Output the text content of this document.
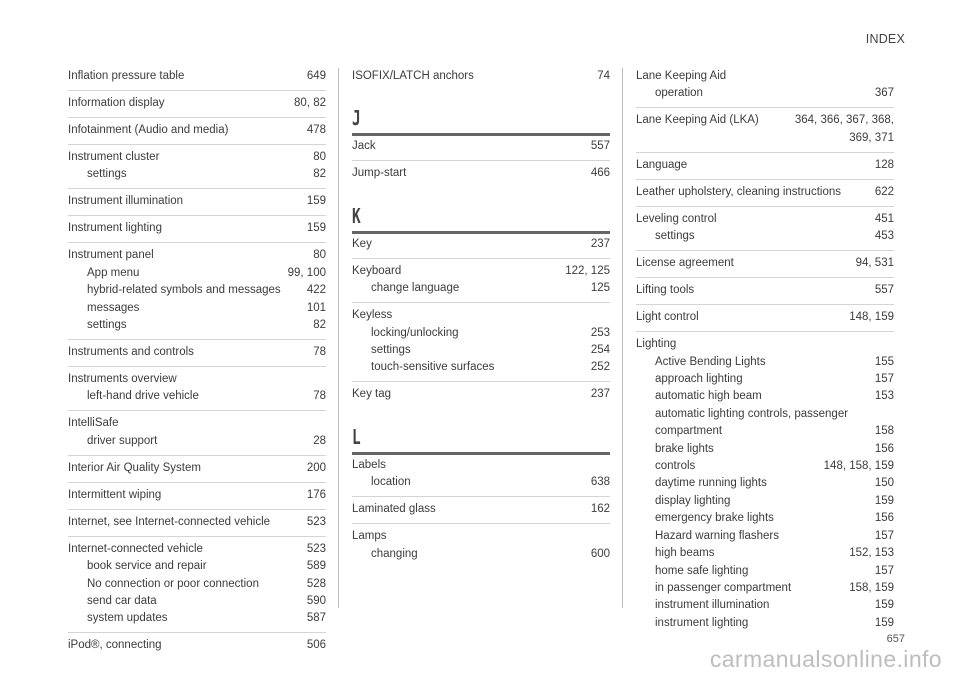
INDEX
Inflation pressure table	649
Information display	80, 82
Infotainment (Audio and media)	478
Instrument cluster	80
settings	82
Instrument illumination	159
Instrument lighting	159
Instrument panel	80
App menu	99, 100
hybrid-related symbols and messages	422
messages	101
settings	82
Instruments and controls	78
Instruments overview
left-hand drive vehicle	78
IntelliSafe
driver support	28
Interior Air Quality System	200
Intermittent wiping	176
Internet, see Internet-connected vehicle	523
Internet-connected vehicle	523
book service and repair	589
No connection or poor connection	528
send car data	590
system updates	587
iPod®, connecting	506
ISOFIX/LATCH anchors	74
J
Jack	557
Jump-start	466
K
Key	237
Keyboard	122, 125
change language	125
Keyless
locking/unlocking	253
settings	254
touch-sensitive surfaces	252
Key tag	237
L
Labels
location	638
Laminated glass	162
Lamps
changing	600
Lane Keeping Aid
operation	367
Lane Keeping Aid (LKA)	364, 366, 367, 368, 369, 371
Language	128
Leather upholstery, cleaning instructions	622
Leveling control	451
settings	453
License agreement	94, 531
Lifting tools	557
Light control	148, 159
Lighting
Active Bending Lights	155
approach lighting	157
automatic high beam	153
automatic lighting controls, passenger
compartment	158
brake lights	156
controls	148, 158, 159
daytime running lights	150
display lighting	159
emergency brake lights	156
Hazard warning flashers	157
high beams	152, 153
home safe lighting	157
in passenger compartment	158, 159
instrument illumination	159
instrument lighting	159
657
carmanualsonline.info
